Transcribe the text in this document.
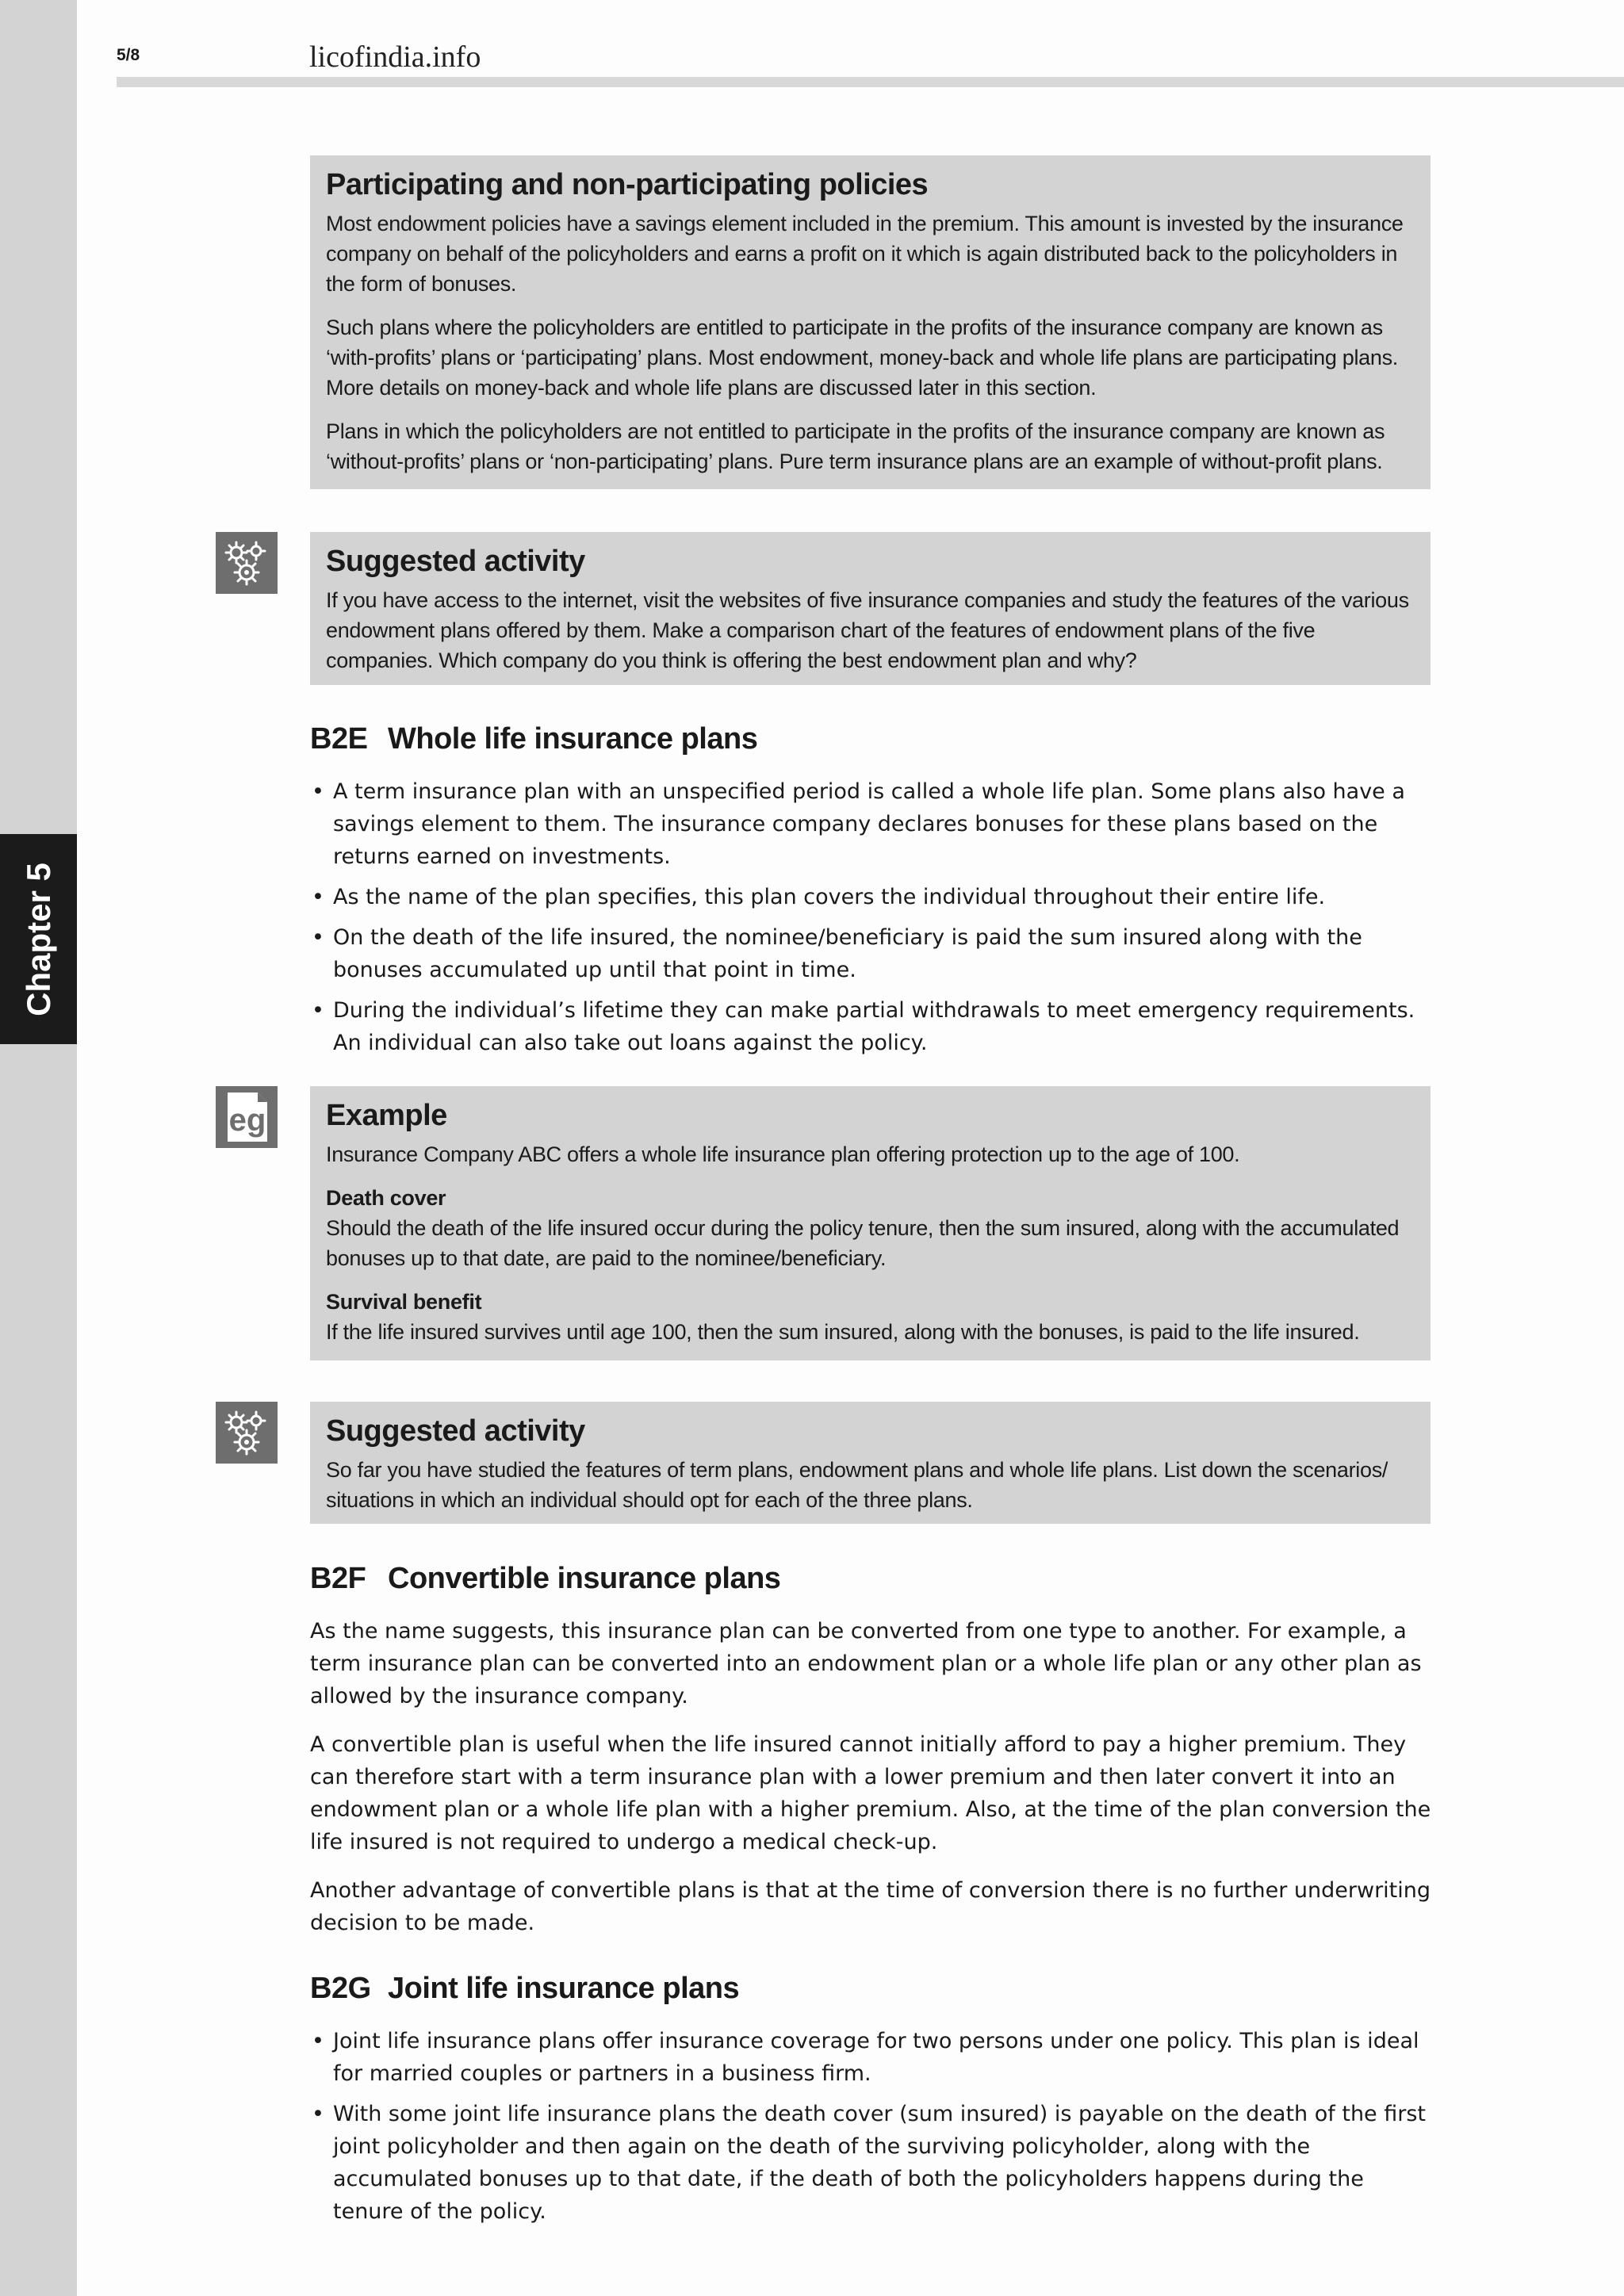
Chapter 5
5/8	licofindia.info
Participating and non-participating policies

Most endowment policies have a savings element included in the premium. This amount is invested by the insurance company on behalf of the policyholders and earns a profit on it which is again distributed back to the policyholders in the form of bonuses.

Such plans where the policyholders are entitled to participate in the profits of the insurance company are known as ‘with-profits’ plans or ‘participating’ plans. Most endowment, money-back and whole life plans are participating plans. More details on money-back and whole life plans are discussed later in this section.

Plans in which the policyholders are not entitled to participate in the profits of the insurance company are known as ‘without-profits’ plans or ‘non-participating’ plans. Pure term insurance plans are an example of without-profit plans.

Suggested activity

If you have access to the internet, visit the websites of five insurance companies and study the features of the various endowment plans offered by them. Make a comparison chart of the features of endowment plans of the five companies. Which company do you think is offering the best endowment plan and why?

B2E Whole life insurance plans
• A term insurance plan with an unspecified period is called a whole life plan. Some plans also have a savings element to them. The insurance company declares bonuses for these plans based on the returns earned on investments.
• As the name of the plan specifies, this plan covers the individual throughout their entire life.
• On the death of the life insured, the nominee/beneficiary is paid the sum insured along with the bonuses accumulated up until that point in time.
• During the individual’s lifetime they can make partial withdrawals to meet emergency requirements. An individual can also take out loans against the policy.
eg Example

Insurance Company ABC offers a whole life insurance plan offering protection up to the age of 100.

Death cover

Should the death of the life insured occur during the policy tenure, then the sum insured, along with the accumulated bonuses up to that date, are paid to the nominee/beneficiary.

Survival benefit

If the life insured survives until age 100, then the sum insured, along with the bonuses, is paid to the life insured.

Suggested activity

So far you have studied the features of term plans, endowment plans and whole life plans. List down the scenarios/ situations in which an individual should opt for each of the three plans.

B2F Convertible insurance plans

As the name suggests, this insurance plan can be converted from one type to another. For example, a term insurance plan can be converted into an endowment plan or a whole life plan or any other plan as allowed by the insurance company.

A convertible plan is useful when the life insured cannot initially afford to pay a higher premium. They can therefore start with a term insurance plan with a lower premium and then later convert it into an endowment plan or a whole life plan with a higher premium. Also, at the time of the plan conversion the life insured is not required to undergo a medical check-up.

Another advantage of convertible plans is that at the time of conversion there is no further underwriting decision to be made.

B2G Joint life insurance plans
• Joint life insurance plans offer insurance coverage for two persons under one policy. This plan is ideal for married couples or partners in a business firm.
• With some joint life insurance plans the death cover (sum insured) is payable on the death of the first joint policyholder and then again on the death of the surviving policyholder, along with the accumulated bonuses up to that date, if the death of both the policyholders happens during the tenure of the policy.
